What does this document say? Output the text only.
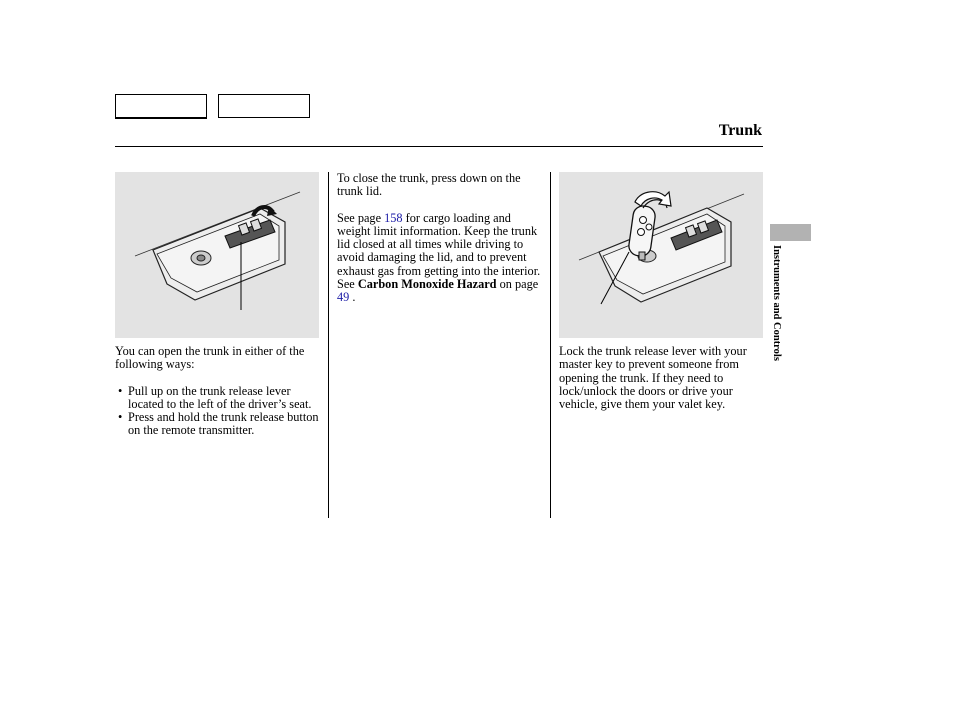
Trunk

You can open the trunk in either of the following ways:

• Pull up on the trunk release lever located to the left of the driver’s seat.
• Press and hold the trunk release button on the remote transmitter.

To close the trunk, press down on the trunk lid.

See page 158 for cargo loading and weight limit information. Keep the trunk lid closed at all times while driving to avoid damaging the lid, and to prevent exhaust gas from getting into the interior. See Carbon Monoxide Hazard on page 49 .

Lock the trunk release lever with your master key to prevent someone from opening the trunk. If they need to lock/unlock the doors or drive your vehicle, give them your valet key.

Instruments and Controls
